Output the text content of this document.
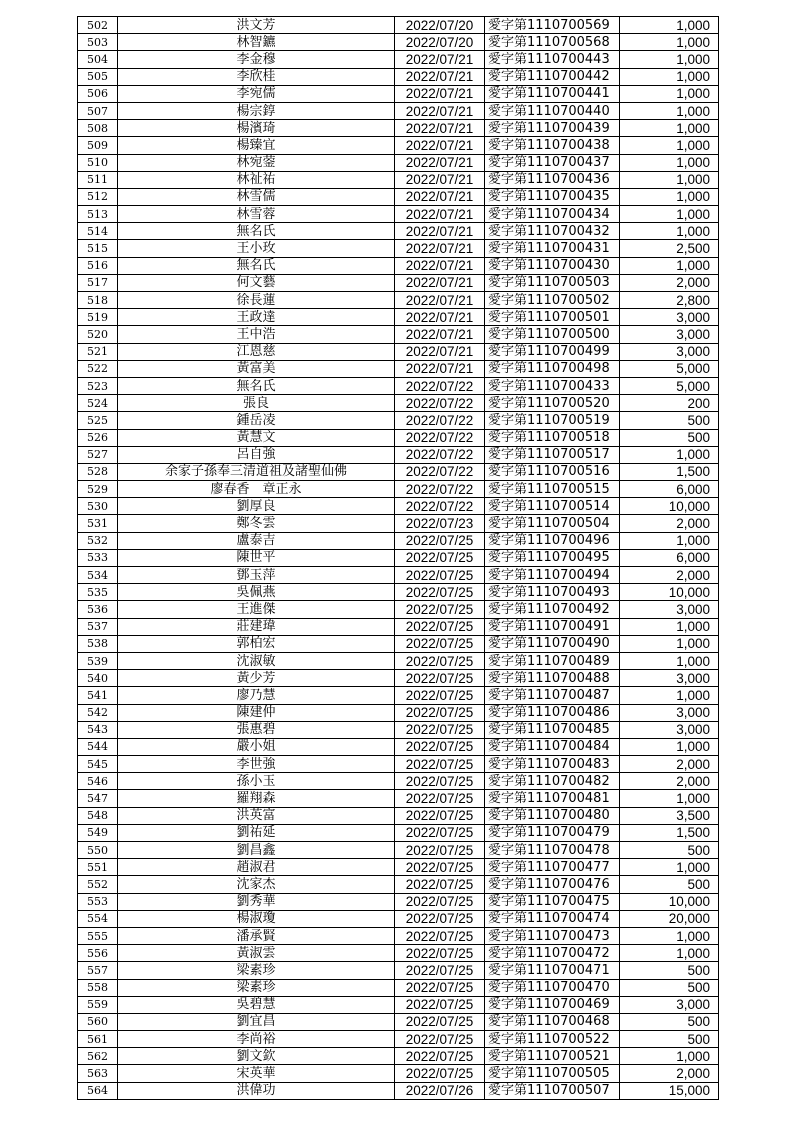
502	洪文芳	2022/07/20	愛字第1110700569	1,000
503	林智鑣	2022/07/20	愛字第1110700568	1,000
504	李金穆	2022/07/21	愛字第1110700443	1,000
505	李欣桂	2022/07/21	愛字第1110700442	1,000
506	李宛儒	2022/07/21	愛字第1110700441	1,000
507	楊宗錞	2022/07/21	愛字第1110700440	1,000
508	楊濱琦	2022/07/21	愛字第1110700439	1,000
509	楊臻宜	2022/07/21	愛字第1110700438	1,000
510	林宛蓥	2022/07/21	愛字第1110700437	1,000
511	林祉祐	2022/07/21	愛字第1110700436	1,000
512	林雪儒	2022/07/21	愛字第1110700435	1,000
513	林雪蓉	2022/07/21	愛字第1110700434	1,000
514	無名氏	2022/07/21	愛字第1110700432	1,000
515	王小玫	2022/07/21	愛字第1110700431	2,500
516	無名氏	2022/07/21	愛字第1110700430	1,000
517	何文藝	2022/07/21	愛字第1110700503	2,000
518	徐長蓮	2022/07/21	愛字第1110700502	2,800
519	王政達	2022/07/21	愛字第1110700501	3,000
520	王中浩	2022/07/21	愛字第1110700500	3,000
521	江恩慈	2022/07/21	愛字第1110700499	3,000
522	黃富美	2022/07/21	愛字第1110700498	5,000
523	無名氏	2022/07/22	愛字第1110700433	5,000
524	張良	2022/07/22	愛字第1110700520	200
525	鍾岳凌	2022/07/22	愛字第1110700519	500
526	黃慧文	2022/07/22	愛字第1110700518	500
527	呂自強	2022/07/22	愛字第1110700517	1,000
528	余家子孫奉三清道祖及諸聖仙佛	2022/07/22	愛字第1110700516	1,500
529	廖春香　章正永	2022/07/22	愛字第1110700515	6,000
530	劉厚良	2022/07/22	愛字第1110700514	10,000
531	鄭冬雲	2022/07/23	愛字第1110700504	2,000
532	盧泰吉	2022/07/25	愛字第1110700496	1,000
533	陳世平	2022/07/25	愛字第1110700495	6,000
534	鄧玉萍	2022/07/25	愛字第1110700494	2,000
535	吳佩燕	2022/07/25	愛字第1110700493	10,000
536	王進傑	2022/07/25	愛字第1110700492	3,000
537	莊建瑋	2022/07/25	愛字第1110700491	1,000
538	郭柏宏	2022/07/25	愛字第1110700490	1,000
539	沈淑敏	2022/07/25	愛字第1110700489	1,000
540	黃少芳	2022/07/25	愛字第1110700488	3,000
541	廖乃慧	2022/07/25	愛字第1110700487	1,000
542	陳建仲	2022/07/25	愛字第1110700486	3,000
543	張惠碧	2022/07/25	愛字第1110700485	3,000
544	嚴小姐	2022/07/25	愛字第1110700484	1,000
545	李世強	2022/07/25	愛字第1110700483	2,000
546	孫小玉	2022/07/25	愛字第1110700482	2,000
547	羅翔森	2022/07/25	愛字第1110700481	1,000
548	洪英富	2022/07/25	愛字第1110700480	3,500
549	劉祐延	2022/07/25	愛字第1110700479	1,500
550	劉昌鑫	2022/07/25	愛字第1110700478	500
551	趙淑君	2022/07/25	愛字第1110700477	1,000
552	沈家杰	2022/07/25	愛字第1110700476	500
553	劉秀華	2022/07/25	愛字第1110700475	10,000
554	楊淑瓊	2022/07/25	愛字第1110700474	20,000
555	潘承賢	2022/07/25	愛字第1110700473	1,000
556	黃淑雲	2022/07/25	愛字第1110700472	1,000
557	梁素珍	2022/07/25	愛字第1110700471	500
558	梁素珍	2022/07/25	愛字第1110700470	500
559	吳碧慧	2022/07/25	愛字第1110700469	3,000
560	劉宜昌	2022/07/25	愛字第1110700468	500
561	李尚裕	2022/07/25	愛字第1110700522	500
562	劉文欽	2022/07/25	愛字第1110700521	1,000
563	宋英華	2022/07/25	愛字第1110700505	2,000
564	洪偉功	2022/07/26	愛字第1110700507	15,000
